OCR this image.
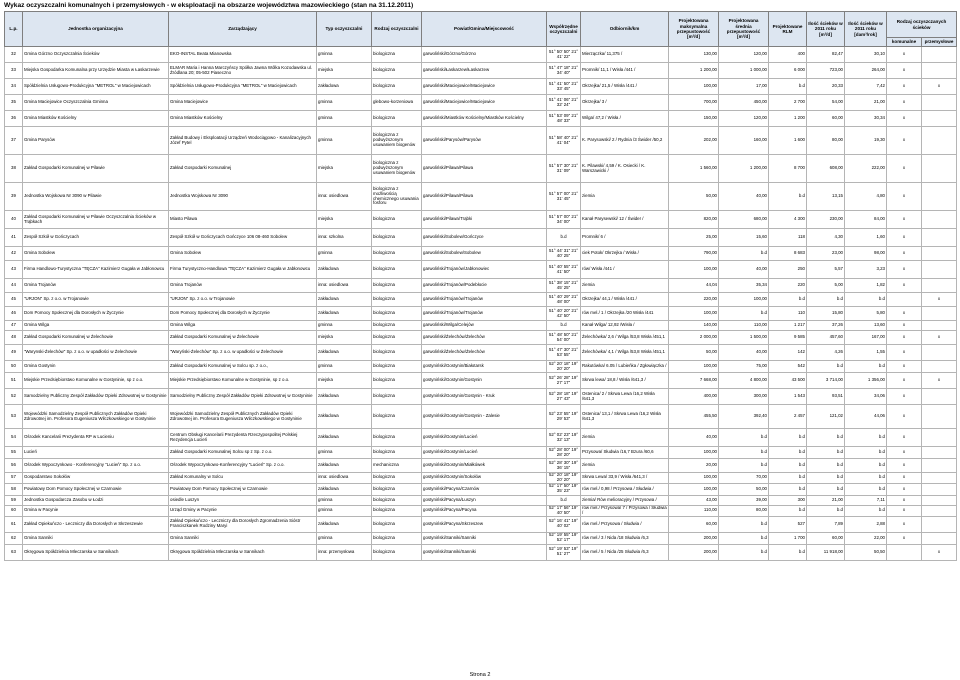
Wykaz oczyszczalni komunalnych i przemysłowych - w eksploatacji na obszarze województwa mazowieckiego (stan na 31.12.2011)
L.p.	Jednostka organizacyjna	Zarządzający	Typ oczyszczalni	Rodzaj oczyszczalni	Powiat/Gmina/Miejscowość	Współrzędne oczyszczalni	Odbiornik/km	Projektowana maksymalna przepustowość [m³/d]	Projektowana średnia przepustowość [m³/d]	Projektowane RLM	Ilość ścieków w 2011 roku [m³/d]	Ilość ścieków w 2011 roku [dam³/rok]	Rodzaj oczyszczanych ścieków	
													komunalne	przemysłowe
32	Gmina Górzno Oczyszczalnia Ścieków	EKO-INSTAL Beata Mianowska	gminna	biologiczna	garwoliński/Górzno/Górzno	51° 50' 50" 21° 41' 22"	Mierzączka/ 11,375 /	130,00	120,00	400	82,47	30,10	x	
33	Miejska Gospodarka Komunalna przy Urzędzie Miasta w Łaskarzewie	ELMAR Maria i Hanna Marczyńscy Spółka Jawna Wólka Kozodawska ul. Źródlana 20; 05-502 Piaseczno	miejska	biologiczna	garwoliński/Łaskarzew/Łaskarzew	51° 47' 18" 21° 34' 40"	Promnik/ 11,1 / Wisła /441 /	1 200,00	1 000,00	6 000	723,00	264,00	x	
34	Spółdzielnia Usługowo-Produkcyjna "METROL" w Maciejowicach	Spółdzielnia Usługowo-Produkcyjna "METROL" w Maciejowicach	zakładowa	biologiczna	garwoliński/Maciejowice/Maciejowice	51° 41' 50" 21° 33' 45"	Okrzejka/ 21,5 / Wisła /441 /	100,00	17,00	b.d	20,33	7,42	x	x
35	Gmina Maciejowice Oczyszczalnia Gminna	Gmina Maciejowice	gminna	glebowo-korzeniowa	garwoliński/Maciejowice/Maciejowice	51° 41' 06" 21° 32' 24"	Okrzejka/ 3 /	700,00	450,00	2 700	54,00	21,00	x	
36	Gmina Miastków Kościelny	Gmina Miastków Kościelny	gminna	biologiczna	garwoliński/Miastków Kościelny/Miastków Kościelny	51° 53' 09" 21° 48' 33"	Wilga/ 47,2 / Wisła /	150,00	120,00	1 200	60,00	30,34	x	
37	Gmina Parysów	Zakład Budowy i Eksploatacji Urządzeń Wodociągowo - Kanalizacyjnych Józef Pytel	gminna	biologiczna z podwyższonym usuwaniem biogenów	garwoliński/Parysów/Parysów	51° 58' 40" 21° 41' 04"	K. Parysowski/ 2 / Rydnia /3 Świder /50,2	202,00	160,00	1 600	80,00	19,30	x	
38	Zakład Gospodarki Komunalnej w Pilawie	Zakład Gospodarki Komunalnej	miejska	biologiczna z podwyższonym usuwaniem biogenów	garwoliński/Pilawa/Pilawa	51° 57' 30" 21° 31' 09"	K. Pilawski/ 4,59 / K. Osiecki / K. Warszawicki /	1 560,00	1 200,00	8 700	608,00	222,00	x	
39	Jednostka Wojskowa Nr 3090 w Pilawie	Jednostka Wojskowa Nr 3090	inna: osiedlowa	biologiczna z możliwością chemicznego usuwania fosforu	garwoliński/Pilawa/Pilawa	51° 57' 00" 21° 31' 45"	ziemia	50,00	40,00	b.d	13,15	4,80	x	
40	Zakład Gospodarki Komunalnej w Pilawie Oczyszczalnia Ścieków w Trąbkach	Miasto Pilawa	miejska	biologiczna	garwoliński/Pilawa/Trąbki	51° 57' 00" 21° 34' 00"	Kanał Parysewski/ 12 / Świder /	820,00	680,00	4 300	230,00	84,00	x	
41	Zespół Szkół w Gończycach	Zespół Szkół w Gończycach Gończyce 106 08-460 Sobolew	inna: szkolna	biologiczna	garwoliński/Sobolew/Gończyce	b.d	Promnik/ 6 /	25,00	15,60	118	4,30	1,60	x	
42	Gmina Sobolew	Gmina Sobolew	gminna	biologiczna	garwoliński/Sobolew/Sobolew	51° 44' 31" 21° 40' 25"	ciek Potok/ Okrzejka / Wisła /	790,00	b.d	8 683	23,00	98,00	x	
43	Firma Handlowo-Turystyczna "TĘCZA" Kazimierz Gugała w Jabłonowcu	Firma Turystyczno-Handlowa "TĘCZA" Kazimierz Gugała w Jabłonowcu	zakładowa	biologiczna	garwoliński/Trojanów/Jabłonowiec	51° 40' 55" 21° 41' 50"	rów/ Wisła /441 /	100,00	40,00	250	5,57	3,23	x	
44	Gmina Trojanów	Gmina Trojanów	inna: osiedlowa	biologiczna	garwoliński/Trojanów/Podebłocie	51° 38' 15" 21° 45' 25"	ziemia	44,04	35,34	220	5,00	1,82	x	
45	"URJON" Sp. z o.o. w Trojanowie	"URJON" Sp. z o.o. w Trojanowie	zakładowa	biologiczna	garwoliński/Trojanów/Trojanów	51° 40' 29" 21° 48' 00"	Okrzejka/ 44,1 / Wisła /441 /	220,00	100,00	b.d	b.d	b.d		x
46	Dom Pomocy Społecznej dla Dorosłych w Życzynie	Dom Pomocy Społecznej dla Dorosłych w Życzynie	zakładowa	biologiczna	garwoliński/Trojanów/Trojanów	51° 40' 20" 21° 42' 50"	rów mel./ 1 / Okrzejka /20 Wisła /441	100,00	b.d	110	15,80	5,80	x	
47	Gmina Wilga	Gmina Wilga	gminna	biologiczna	garwoliński/Wilga/Celejów	b.d	Kanał Wilga/ 12,92 /Wisła /	140,00	110,00	1 217	37,26	13,60	x	
48	Zakład Gospodarki Komunalnej w Żelechowie	Zakład Gospodarki Komunalnej w Żelechowie	miejska	biologiczna	garwoliński/Żelechów/Żelechów	51° 48' 50" 21° 54' 00"	Żelechówka/ 2,6 / Wilga /53,8 Wisła /451,1	2 000,00	1 500,00	9 585	457,60	167,00	x	x
49	"Warynski-Żelechów" Sp. z o.o. w upadłości w Żelechowie	"Waryński-Żelechów" Sp. z o.o. w upadłości w Żelechowie	zakładowa	biologiczna	garwoliński/Żelechów/Żelechów	51° 47' 30" 21° 53' 55"	Żelechówka/ 4,1 / Wilga /53,8 Wisła /451,1	50,00	40,00	142	4,26	1,55	x	
50	Gmina Gostynin	Zakład Gospodarki Komunalnej w Solcu sp. z o.o.,	gminna	biologiczna	gostyniński/Gostynin/Białotarsk	52° 20' 18" 19° 20' 20"	Rakutówka/ 6.05 / Lubieńka / Zgłowiączka /	100,00	75,00	542	b.d	b.d	x	
51	Miejskie Przedsiębiorstwo Komunalne w Gostyninie, sp z o.o.	Miejskie Przedsiębiorstwo Komunalne w Gostyninie, sp z o.o.	miejska	biologiczna	gostyniński/Gostynin/Gostynin	52° 26' 28" 19° 27' 17"	Skrwa lewa/ 18,8 / Wisła /641,3 /	7 668,00	4 800,00	43 500	3 714,00	1 356,00	x	x
52	Samodzielny Publiczny Zespół Zakładów Opieki Zdrowotnej w Gostyninie	Samodzielny Publiczny Zespół Zakładów Opieki Zdrowotnej w Gostyninie	zakładowa	biologiczna	gostyniński/Gostynin/Gostynin - Kruk	52° 28' 18" 19° 27' 43"	Ostenica/ 2 / Skrwa Lewa /16,2 Wisła /641,3	400,00	300,00	1 543	93,51	34,06	x	
53	Wojewódzki Samodzielny Zespół Publicznych Zakładów Opieki Zdrowotnej im. Profesora Eugeniusza Wilczkowskiego w Gostyninie	Wojewódzki Samodzielny Zespół Publicznych Zakładów Opieki Zdrowotnej im. Profesora Eugeniusza Wilczkowskiego w Gostyninie	zakładowa	biologiczna	gostyniński/Gostynin/Gostynin - Zalesie	52° 23' 55" 19° 29' 53"	Ostenica/ 13,1 / Skrwa Lewa /16,2 Wisła /641,3	455,50	392,40	2 457	121,02	44,06	x	
54	Ośrodek Kancelarii Prezydenta RP w Lucieniu	Centrum Obsługi Kancelarii Prezydenta Rzeczypospolitej Polskiej Rezydencja Lucień	zakładowa	biologiczna	gostyniński/Gostynin/Lucień	52° 02' 23" 19° 32' 13"	ziemia	40,00	b.d	b.d	b.d	b.d	x	
55	Lucień	Zakład Gospodarki Komunalnej Solcu sp z Sp. z o.o.	gminna	biologiczna	gostyniński/Gostynin/Lucień	52° 28' 00" 19° 28' 20"	Przysowa/ Słudwia /16,7 Bzura /60,6	100,00	b.d	b.d	b.d	b.d	x	
56	Ośrodek Wypoczynkowo - Konferencyjny "Lucień" Sp. z o.o.	Ośrodek Wypoczynkowo-Konferencyjny "Lucień" Sp. z o.o.	zakładowa	mechaniczna	gostyniński/Gostynin/Miałkówek	52° 28' 30" 19° 36' 15"	ziemia	20,00	b.d	b.d	b.d	b.d	x	
57	Gospodarstwo Sokołów	Zakład Komunalny w Solcu	inna: osiedlowa	biologiczna	gostyniński/Gostynin/Sokołów	52° 20' 18" 19° 20' 20"	Skrwa Lewa/ 33,9 / Wisła /641,3 /	100,00	70,00	b.d	b.d	b.d	x	
58	Powiatowy Dom Pomocy Społecznej w Czarnowie	Powiatowy Dom Pomocy Społecznej w Czarnowie	zakładowa	biologiczna	gostyniński/Pacyna/Czarnów	52° 17' 50" 19° 35' 23"	rów mel./ 0,98 / Przysowa / Słudwia /	100,00	50,00	b.d	b.d	b.d	x	
59	Jednostka Gospodarcza Zasobu w Łodzi	osiedle Luszyn	gminna	biologiczna	gostyniński/Pacyna/Luszyn	b.d	ziemia/ Rów melioracyjny / Przysowa /	43,00	39,00	300	21,00	7,11	x	
60	Gmina w Pacynie	Urząd Gminy w Pacynie	gminna	biologiczna	gostyniński/Pacyna/Pacyna	52° 17' 56" 19° 40' 50"	rów mel./ Przysowa/ 7 / Przysowa / Słudwia /	110,00	80,00	b.d	b.d	b.d	x	
61	Zakład Opiekuńczo - Leczniczy dla Dorosłych w Skrzeszewie	Zakład Opiekuńczo - Leczniczy dla Dorosłych Zgromadzenia Sióstr Franciszkanek Rodziny Maryi	zakładowa	biologiczna	gostyniński/Pacyna/Skrzeszew	52° 16' 41" 19° 40' 02"	rów mel./ Przysowa / Słudwia /	60,00	b.d	527	7,89	2,88	x	
62	Gmina Sanniki	Gmina Sanniki	gminna	biologiczna	gostyniński/Sanniki/Sanniki	52° 19' 55" 19° 52' 17"	rów mel./ 3 / Nida /18 Słudwia /6,3	200,00	b.d	1 700	60,00	22,00	x	
63	Okręgowa Spółdzielnia Mleczarska w Sannikach	Okręgowa Spółdzielnia Mleczarska w Sannikach	inna: przemysłowa	biologiczna	gostyniński/Sanniki/Sanniki	52° 19' 53" 19° 51' 27"	rów mel./ 5 / Nida /25 Słudwia /6,3	200,00	b.d	b.d	11 918,00	50,50		x
Strona 2
